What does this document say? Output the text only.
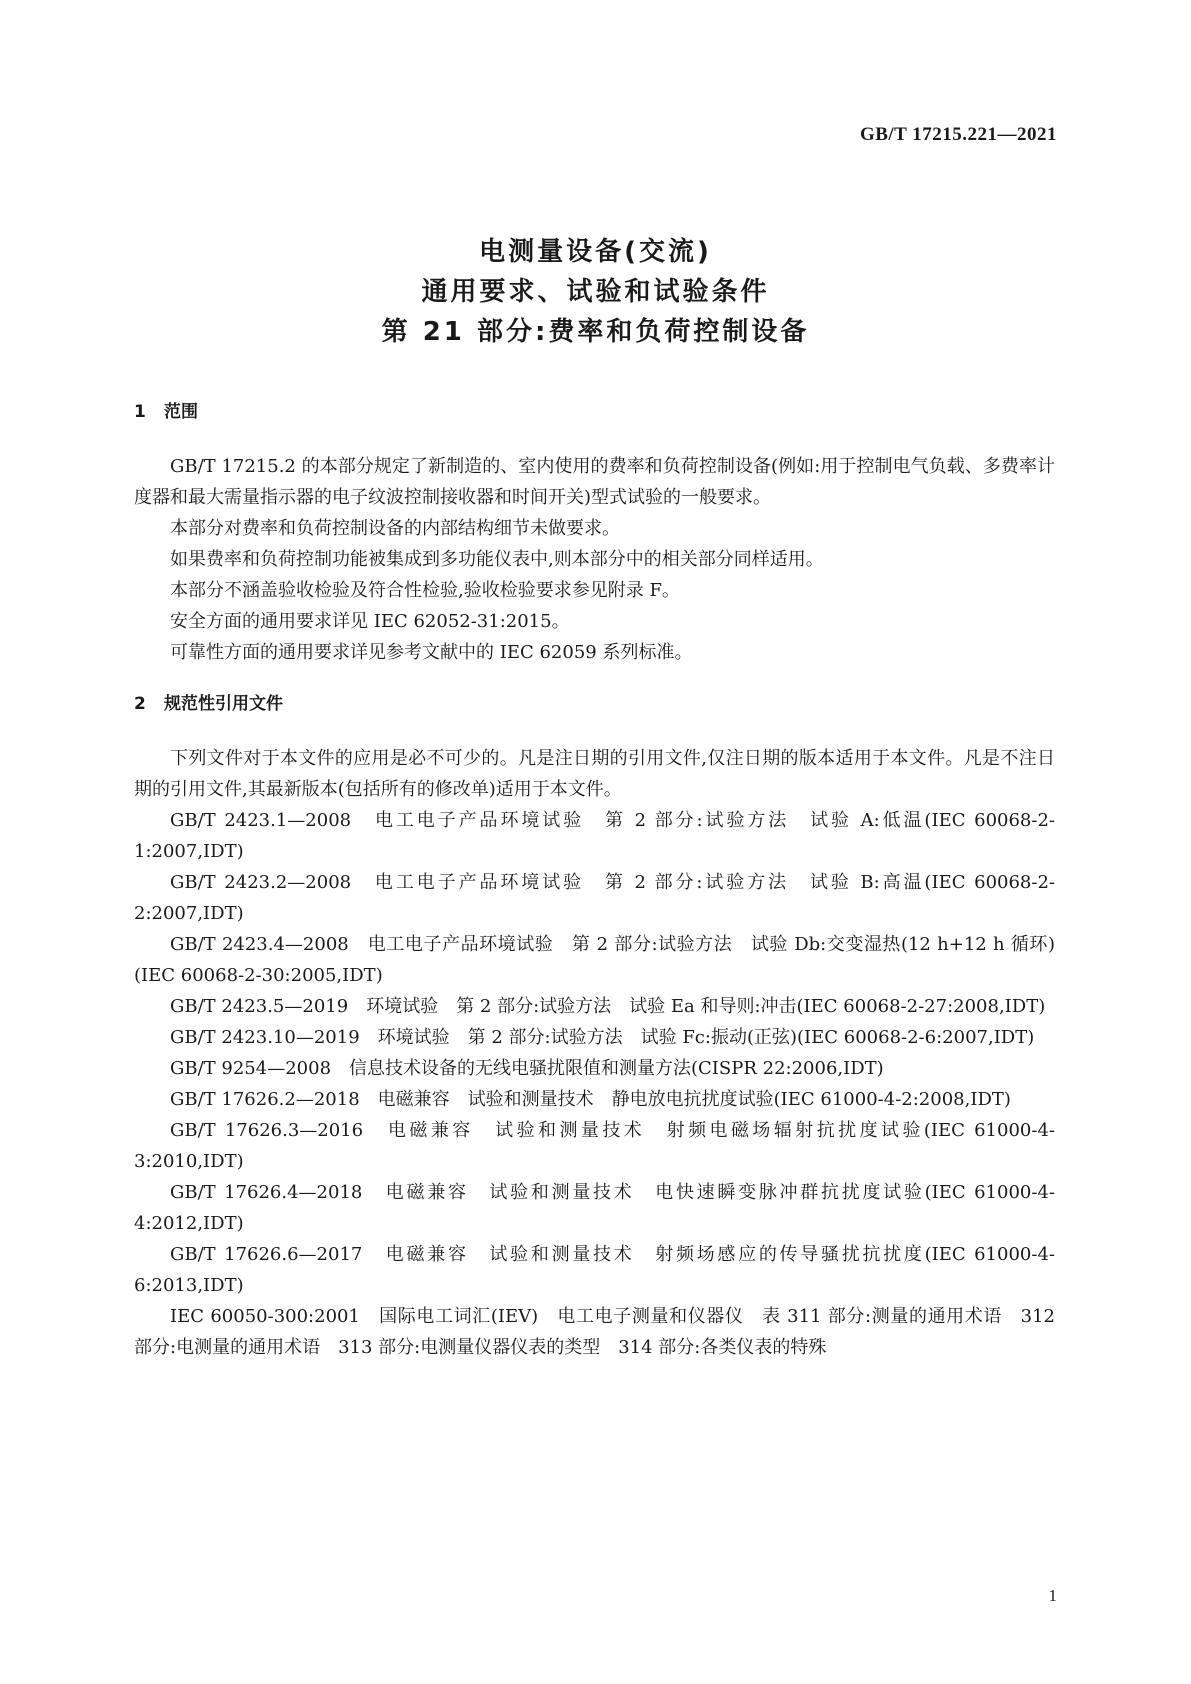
GB/T 17215.221—2021
电测量设备(交流)
通用要求、试验和试验条件
第 21 部分:费率和负荷控制设备
1 范围

GB/T 17215.2 的本部分规定了新制造的、室内使用的费率和负荷控制设备(例如:用于控制电气负载、多费率计度器和最大需量指示器的电子纹波控制接收器和时间开关)型式试验的一般要求。

本部分对费率和负荷控制设备的内部结构细节未做要求。

如果费率和负荷控制功能被集成到多功能仪表中,则本部分中的相关部分同样适用。

本部分不涵盖验收检验及符合性检验,验收检验要求参见附录 F。

安全方面的通用要求详见 IEC 62052-31:2015。

可靠性方面的通用要求详见参考文献中的 IEC 62059 系列标准。

2 规范性引用文件

下列文件对于本文件的应用是必不可少的。凡是注日期的引用文件,仅注日期的版本适用于本文件。凡是不注日期的引用文件,其最新版本(包括所有的修改单)适用于本文件。

GB/T 2423.1—2008　电工电子产品环境试验　第 2 部分:试验方法　试验 A:低温(IEC 60068-2-1:2007,IDT)

GB/T 2423.2—2008　电工电子产品环境试验　第 2 部分:试验方法　试验 B:高温(IEC 60068-2-2:2007,IDT)

GB/T 2423.4—2008　电工电子产品环境试验　第 2 部分:试验方法　试验 Db:交变湿热(12 h+12 h 循环)(IEC 60068-2-30:2005,IDT)

GB/T 2423.5—2019　环境试验　第 2 部分:试验方法　试验 Ea 和导则:冲击(IEC 60068-2-27:2008,IDT)

GB/T 2423.10—2019　环境试验　第 2 部分:试验方法　试验 Fc:振动(正弦)(IEC 60068-2-6:2007,IDT)

GB/T 9254—2008　信息技术设备的无线电骚扰限值和测量方法(CISPR 22:2006,IDT)

GB/T 17626.2—2018　电磁兼容　试验和测量技术　静电放电抗扰度试验(IEC 61000-4-2:2008,IDT)

GB/T 17626.3—2016　电磁兼容　试验和测量技术　射频电磁场辐射抗扰度试验(IEC 61000-4-3:2010,IDT)

GB/T 17626.4—2018　电磁兼容　试验和测量技术　电快速瞬变脉冲群抗扰度试验(IEC 61000-4-4:2012,IDT)

GB/T 17626.6—2017　电磁兼容　试验和测量技术　射频场感应的传导骚扰抗扰度(IEC 61000-4-6:2013,IDT)

IEC 60050-300:2001　国际电工词汇(IEV)　电工电子测量和仪器仪　表 311 部分:测量的通用术语　312 部分:电测量的通用术语　313 部分:电测量仪器仪表的类型　314 部分:各类仪表的特殊

1
